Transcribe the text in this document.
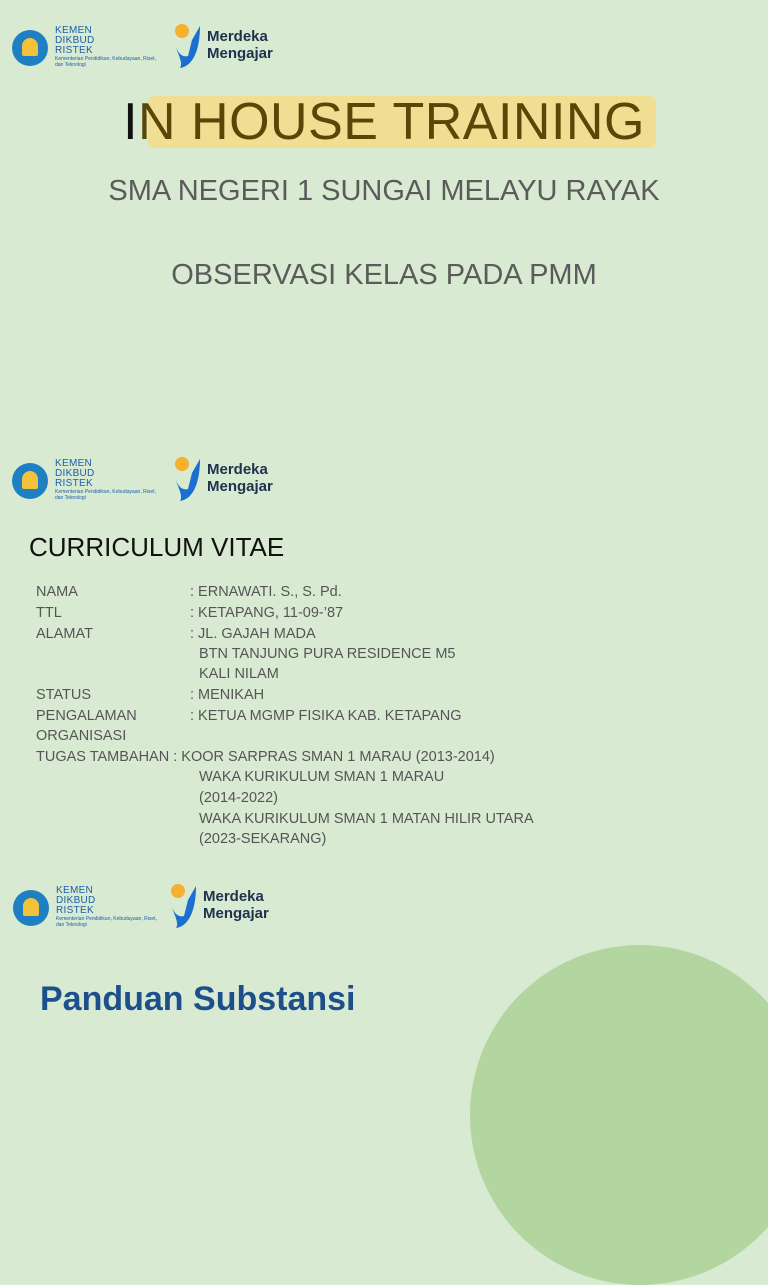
KEMEN
DIKBUD
RISTEK
Kementerian Pendidikan, Kebudayaan, Riset, dan Teknologi
Merdeka
Mengajar
IN HOUSE TRAINING
SMA NEGERI 1 SUNGAI MELAYU RAYAK
OBSERVASI KELAS PADA PMM
KEMEN
DIKBUD
RISTEK
Kementerian Pendidikan, Kebudayaan, Riset, dan Teknologi
Merdeka
Mengajar
CURRICULUM VITAE
NAMA	: ERNAWATI. S., S. Pd.
TTL	: KETAPANG, 11-09-’87
ALAMAT	: JL. GAJAH MADA
BTN TANJUNG PURA RESIDENCE M5
KALI NILAM
STATUS	: MENIKAH
PENGALAMAN	: KETUA MGMP FISIKA KAB. KETAPANG
ORGANISASI
TUGAS TAMBAHAN : KOOR SARPRAS SMAN 1 MARAU (2013-2014)
WAKA KURIKULUM SMAN 1 MARAU
(2014-2022)
WAKA KURIKULUM SMAN 1 MATAN HILIR UTARA
(2023-SEKARANG)
KEMEN
DIKBUD
RISTEK
Kementerian Pendidikan, Kebudayaan, Riset, dan Teknologi
Merdeka
Mengajar
Panduan Substansi
